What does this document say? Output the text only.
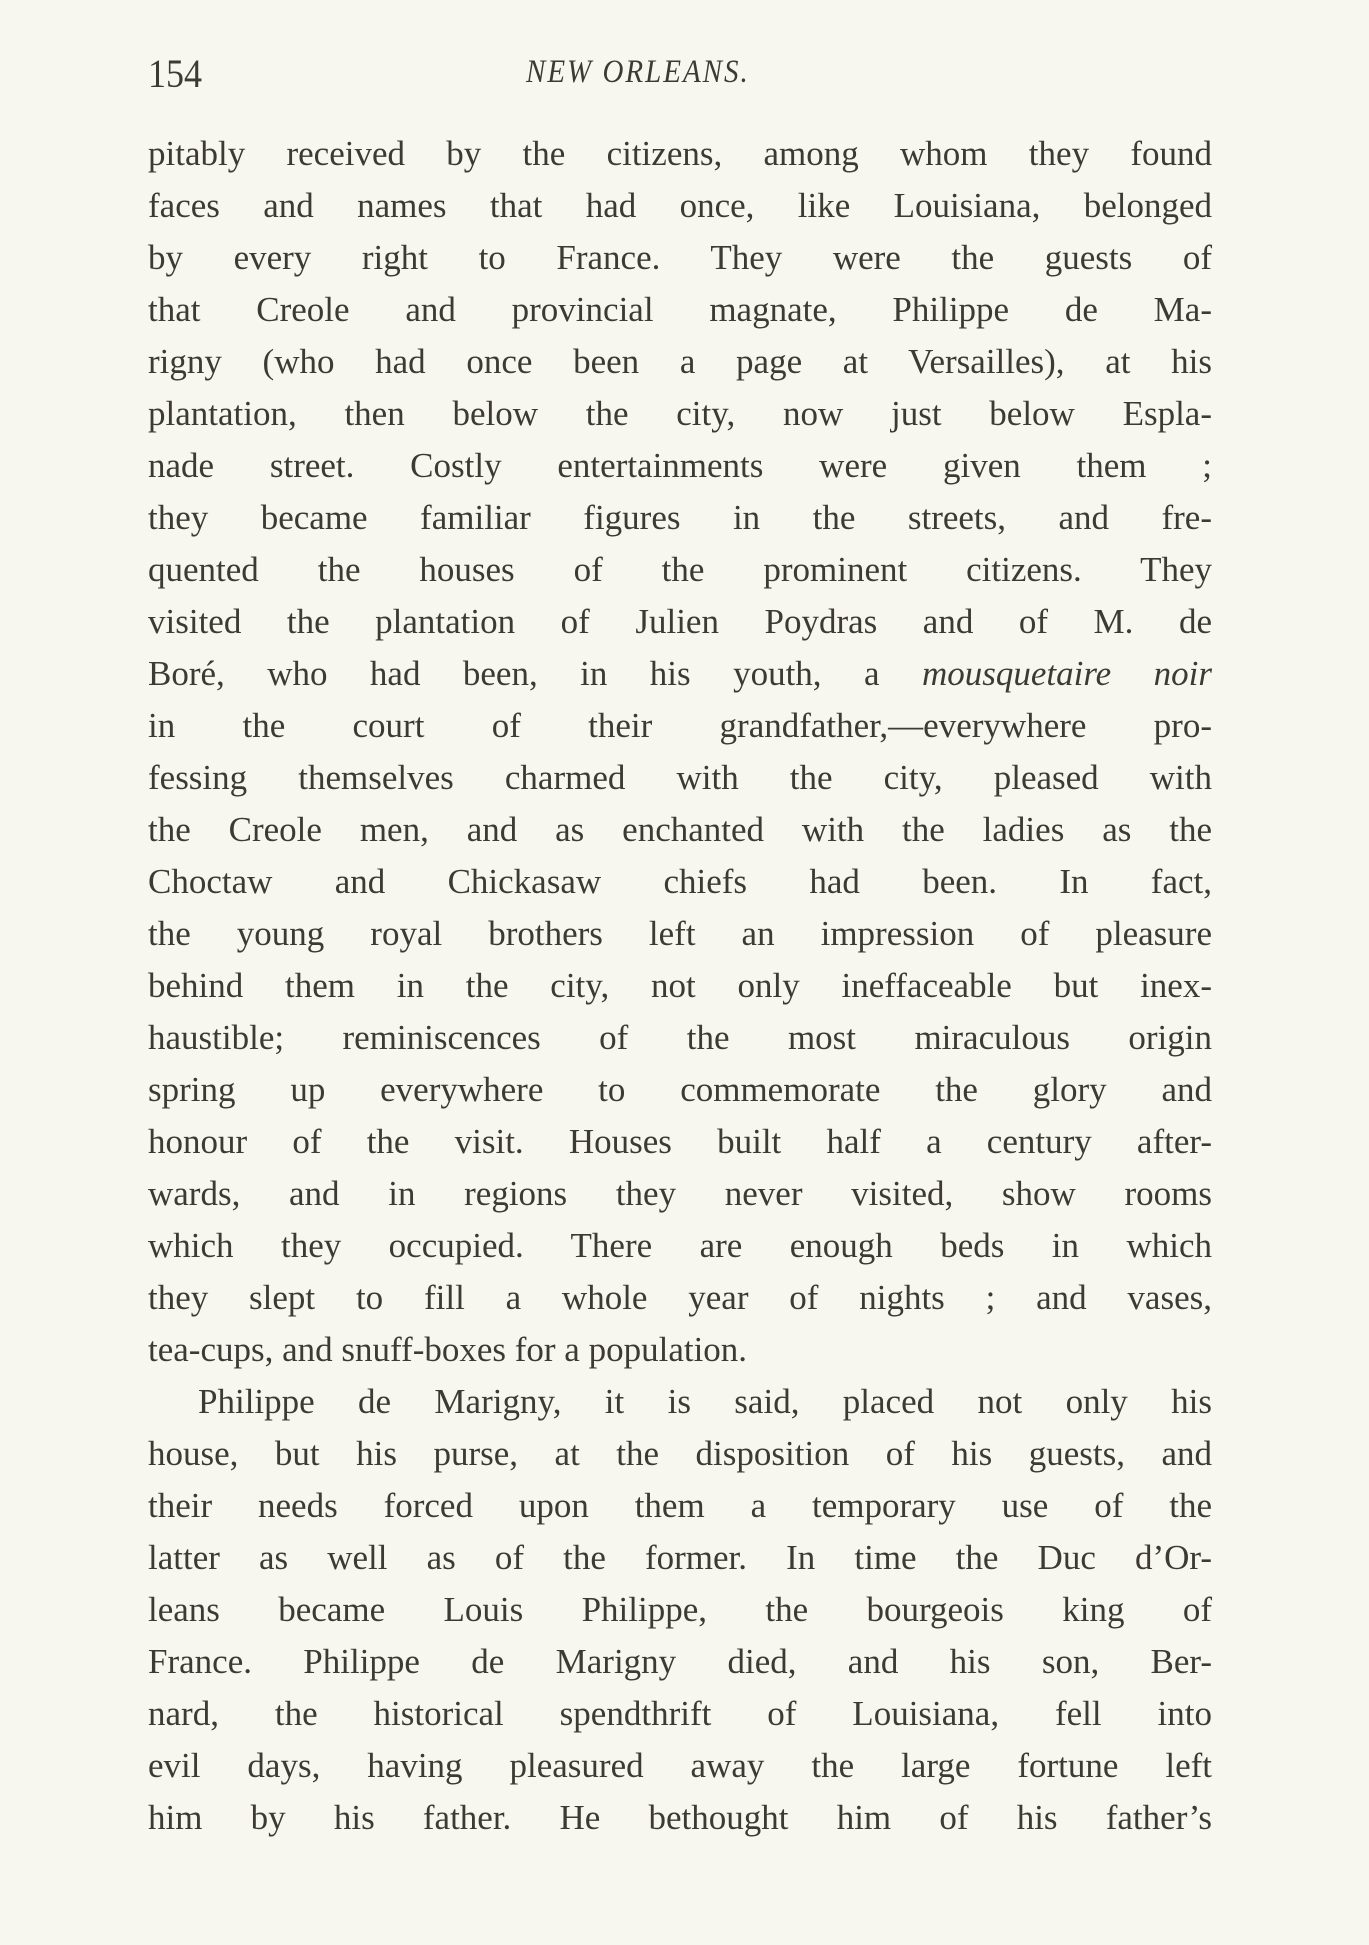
154	NEW ORLEANS.
pitably received by the citizens, among whom they found
faces and names that had once, like Louisiana, belonged
by every right to France. They were the guests of
that Creole and provincial magnate, Philippe de Ma-
rigny (who had once been a page at Versailles), at his
plantation, then below the city, now just below Espla-
nade street. Costly entertainments were given them ;
they became familiar figures in the streets, and fre-
quented the houses of the prominent citizens. They
visited the plantation of Julien Poydras and of M. de
Boré, who had been, in his youth, a mousquetaire noir
in the court of their grandfather,—everywhere pro-
fessing themselves charmed with the city, pleased with
the Creole men, and as enchanted with the ladies as the
Choctaw and Chickasaw chiefs had been. In fact,
the young royal brothers left an impression of pleasure
behind them in the city, not only ineffaceable but inex-
haustible; reminiscences of the most miraculous origin
spring up everywhere to commemorate the glory and
honour of the visit. Houses built half a century after-
wards, and in regions they never visited, show rooms
which they occupied. There are enough beds in which
they slept to fill a whole year of nights ; and vases,
tea-cups, and snuff-boxes for a population.
Philippe de Marigny, it is said, placed not only his
house, but his purse, at the disposition of his guests, and
their needs forced upon them a temporary use of the
latter as well as of the former. In time the Duc d’Or-
leans became Louis Philippe, the bourgeois king of
France. Philippe de Marigny died, and his son, Ber-
nard, the historical spendthrift of Louisiana, fell into
evil days, having pleasured away the large fortune left
him by his father. He bethought him of his father’s
